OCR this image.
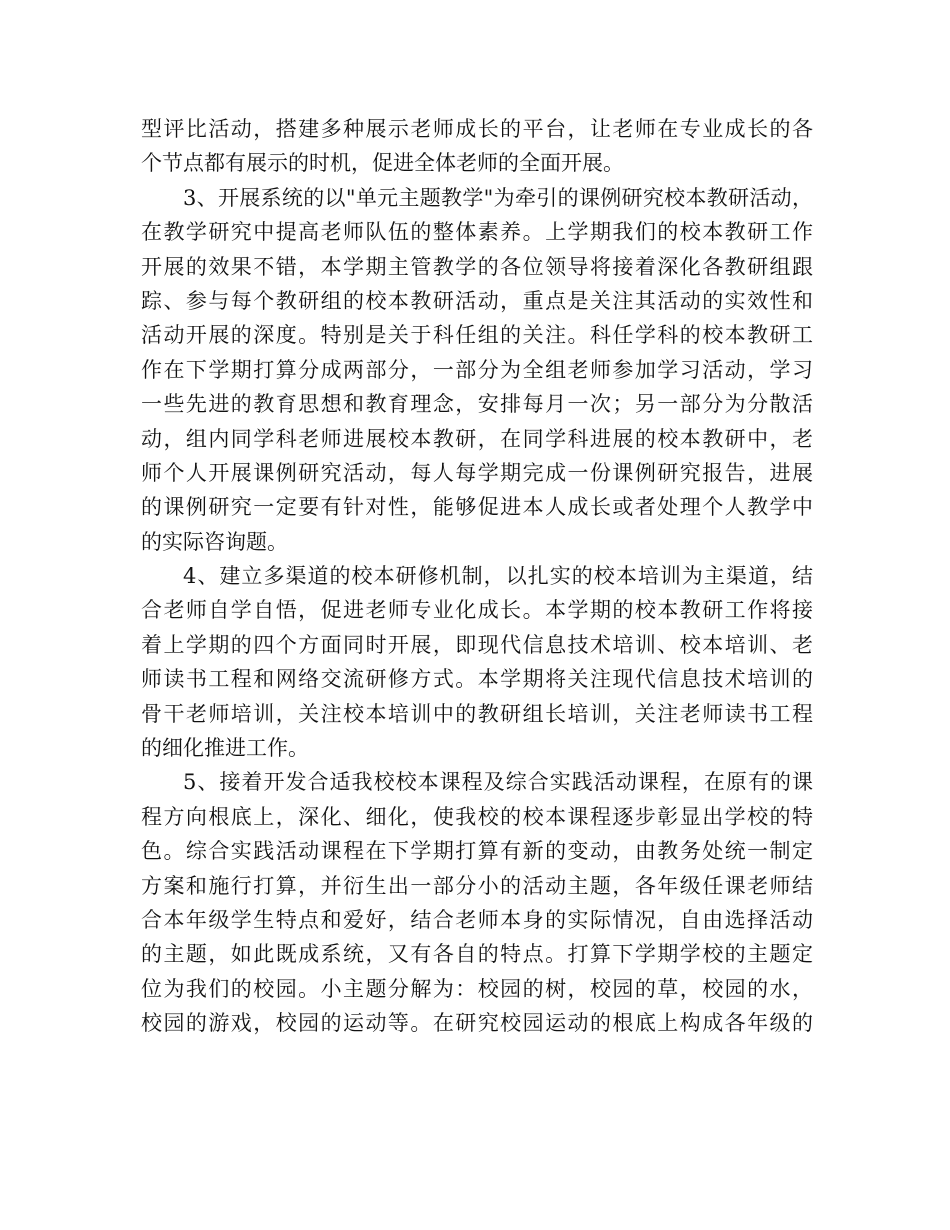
型评比活动，搭建多种展示老师成长的平台，让老师在专业成长的各
个节点都有展示的时机，促进全体老师的全面开展。
3、开展系统的以"单元主题教学"为牵引的课例研究校本教研活动，
在教学研究中提高老师队伍的整体素养。上学期我们的校本教研工作
开展的效果不错，本学期主管教学的各位领导将接着深化各教研组跟
踪、参与每个教研组的校本教研活动，重点是关注其活动的实效性和
活动开展的深度。特别是关于科任组的关注。科任学科的校本教研工
作在下学期打算分成两部分，一部分为全组老师参加学习活动，学习
一些先进的教育思想和教育理念，安排每月一次；另一部分为分散活
动，组内同学科老师进展校本教研，在同学科进展的校本教研中，老
师个人开展课例研究活动，每人每学期完成一份课例研究报告，进展
的课例研究一定要有针对性，能够促进本人成长或者处理个人教学中
的实际咨询题。
4、建立多渠道的校本研修机制，以扎实的校本培训为主渠道，结
合老师自学自悟，促进老师专业化成长。本学期的校本教研工作将接
着上学期的四个方面同时开展，即现代信息技术培训、校本培训、老
师读书工程和网络交流研修方式。本学期将关注现代信息技术培训的
骨干老师培训，关注校本培训中的教研组长培训，关注老师读书工程
的细化推进工作。
5、接着开发合适我校校本课程及综合实践活动课程，在原有的课
程方向根底上，深化、细化，使我校的校本课程逐步彰显出学校的特
色。综合实践活动课程在下学期打算有新的变动，由教务处统一制定
方案和施行打算，并衍生出一部分小的活动主题，各年级任课老师结
合本年级学生特点和爱好，结合老师本身的实际情况，自由选择活动
的主题，如此既成系统，又有各自的特点。打算下学期学校的主题定
位为我们的校园。小主题分解为：校园的树，校园的草，校园的水，
校园的游戏，校园的运动等。在研究校园运动的根底上构成各年级的
